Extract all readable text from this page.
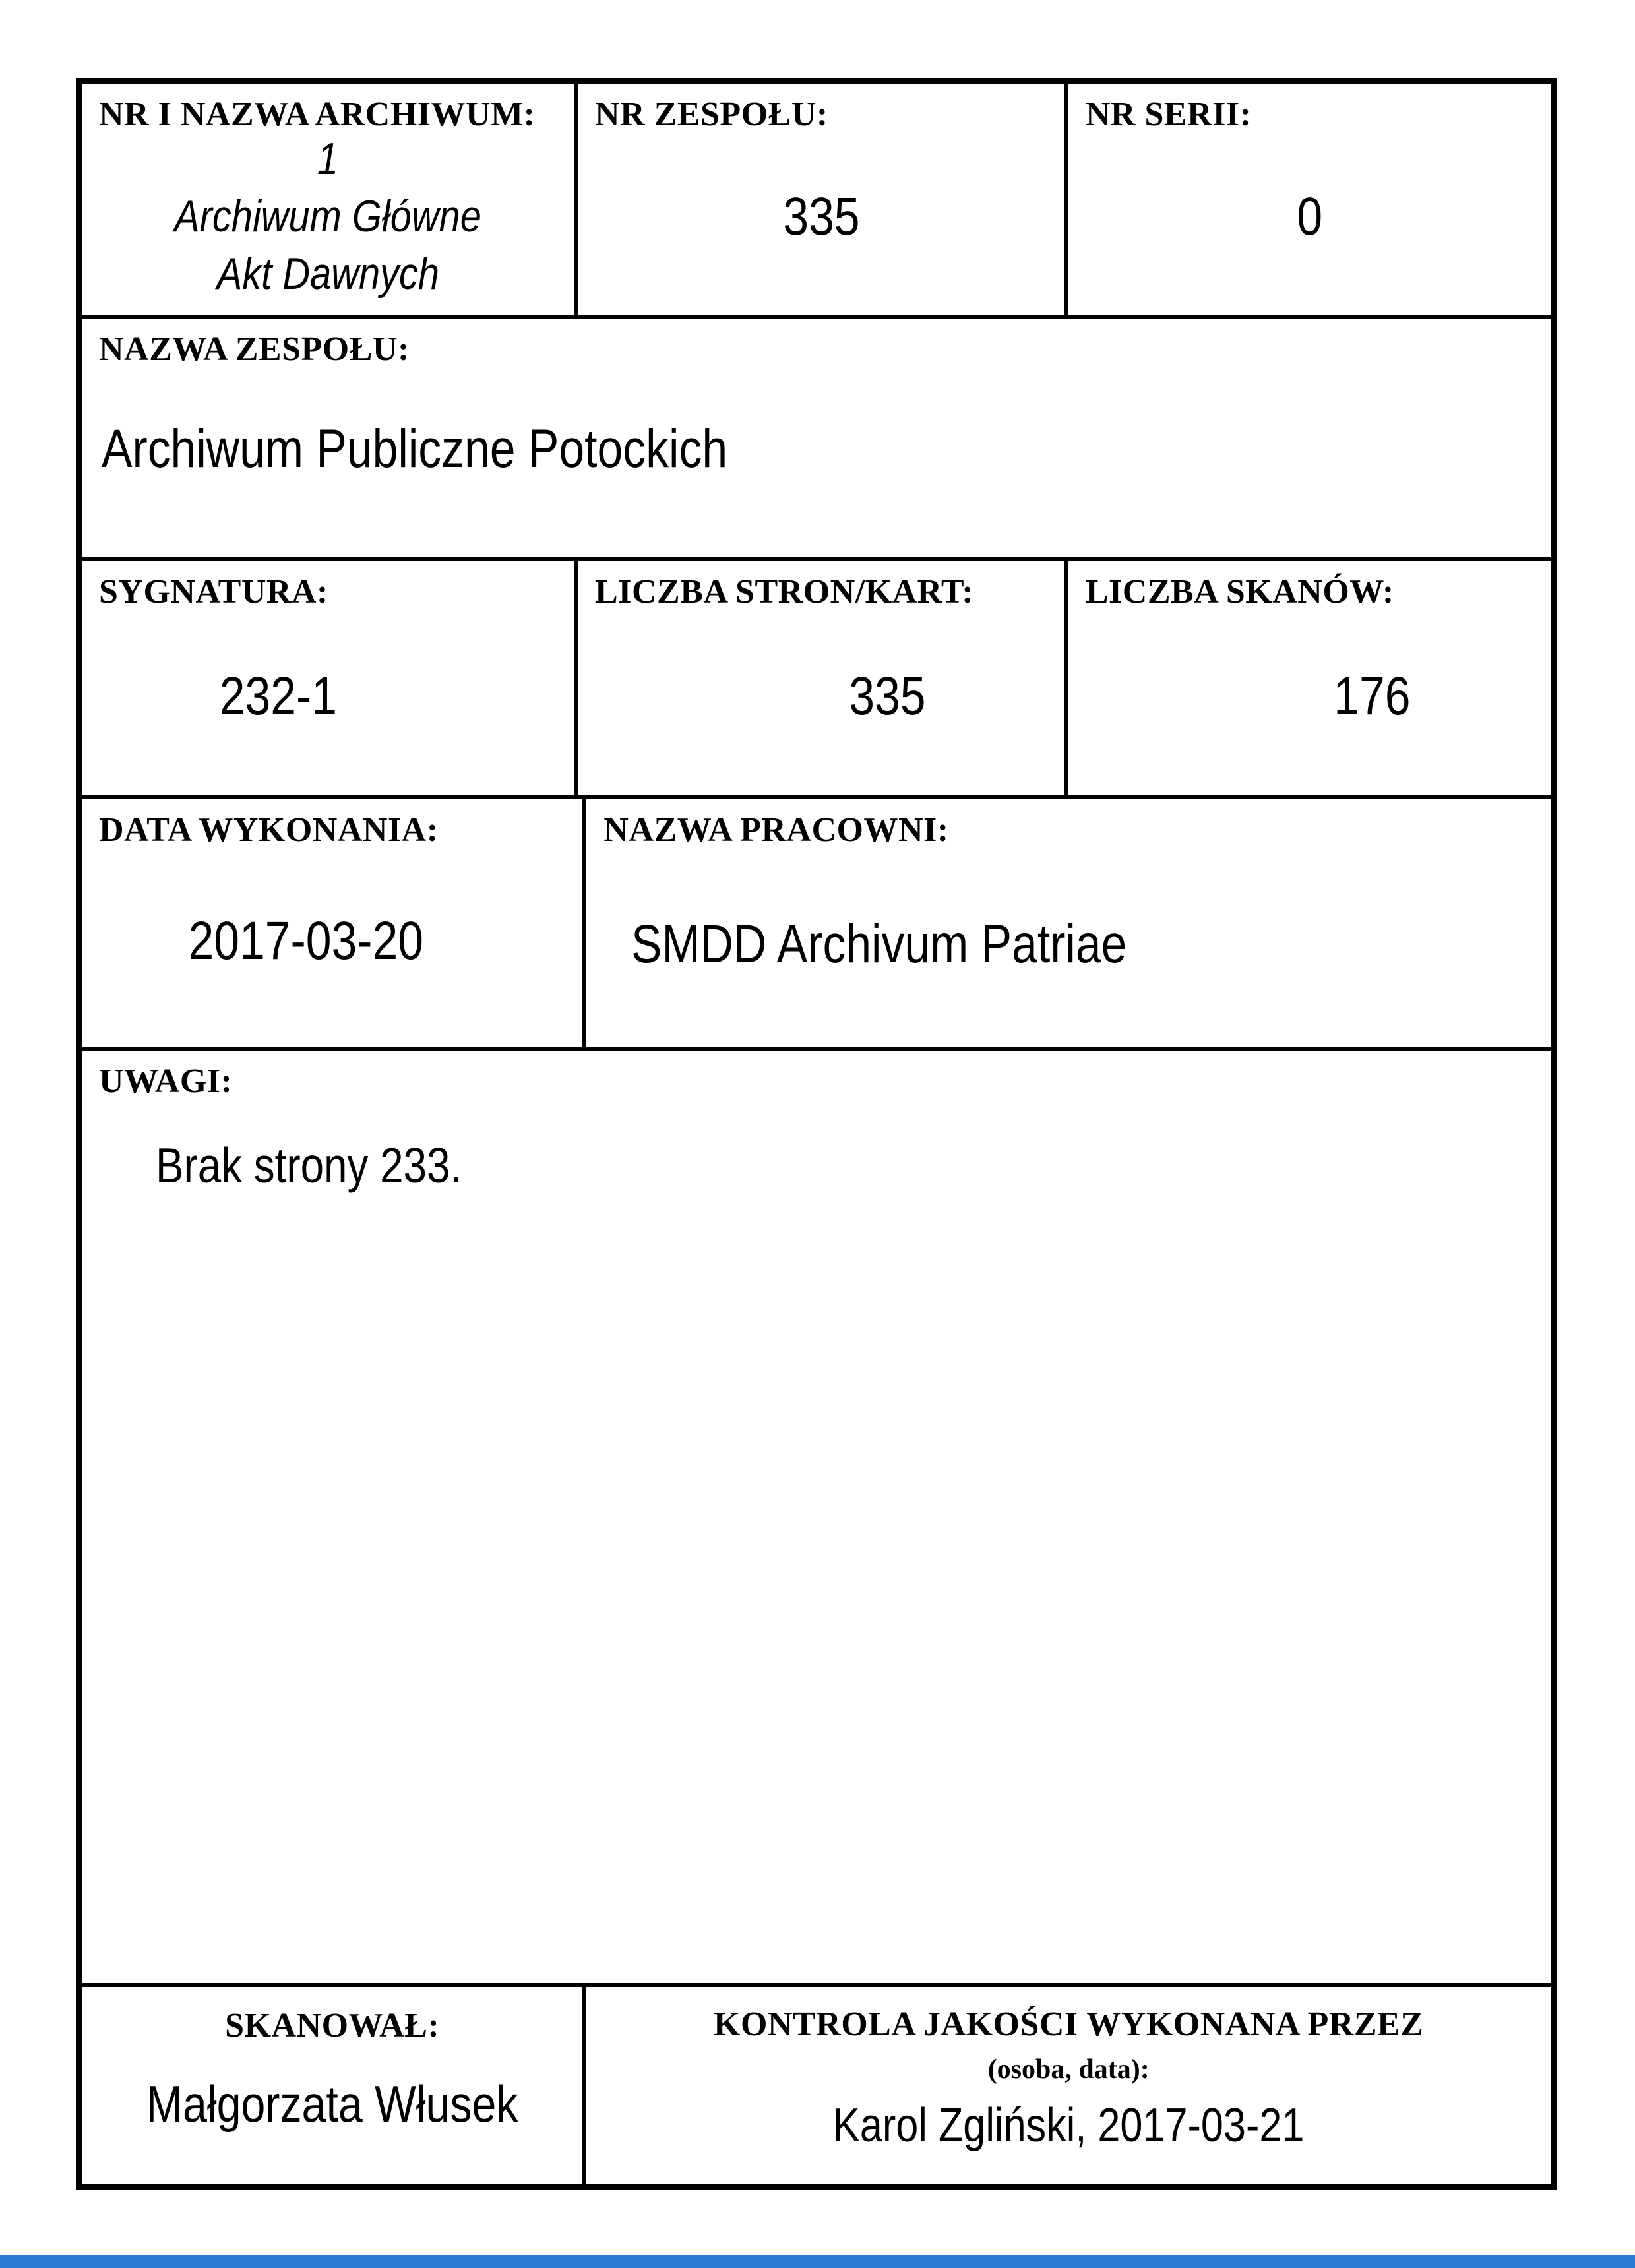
NR I NAZWA ARCHIWUM:
1
Archiwum Główne
Akt Dawnych
NR ZESPOŁU:
335
NR SERII:
0
NAZWA ZESPOŁU:
Archiwum Publiczne Potockich
SYGNATURA:
232-1
LICZBA STRON/KART:
335
LICZBA SKANÓW:
176
DATA WYKONANIA:
2017-03-20
NAZWA PRACOWNI:
SMDD Archivum Patriae
UWAGI:
Brak strony 233.
SKANOWAŁ:
Małgorzata Włusek
KONTROLA JAKOŚCI WYKONANA PRZEZ
(osoba, data):
Karol Zgliński, 2017-03-21
